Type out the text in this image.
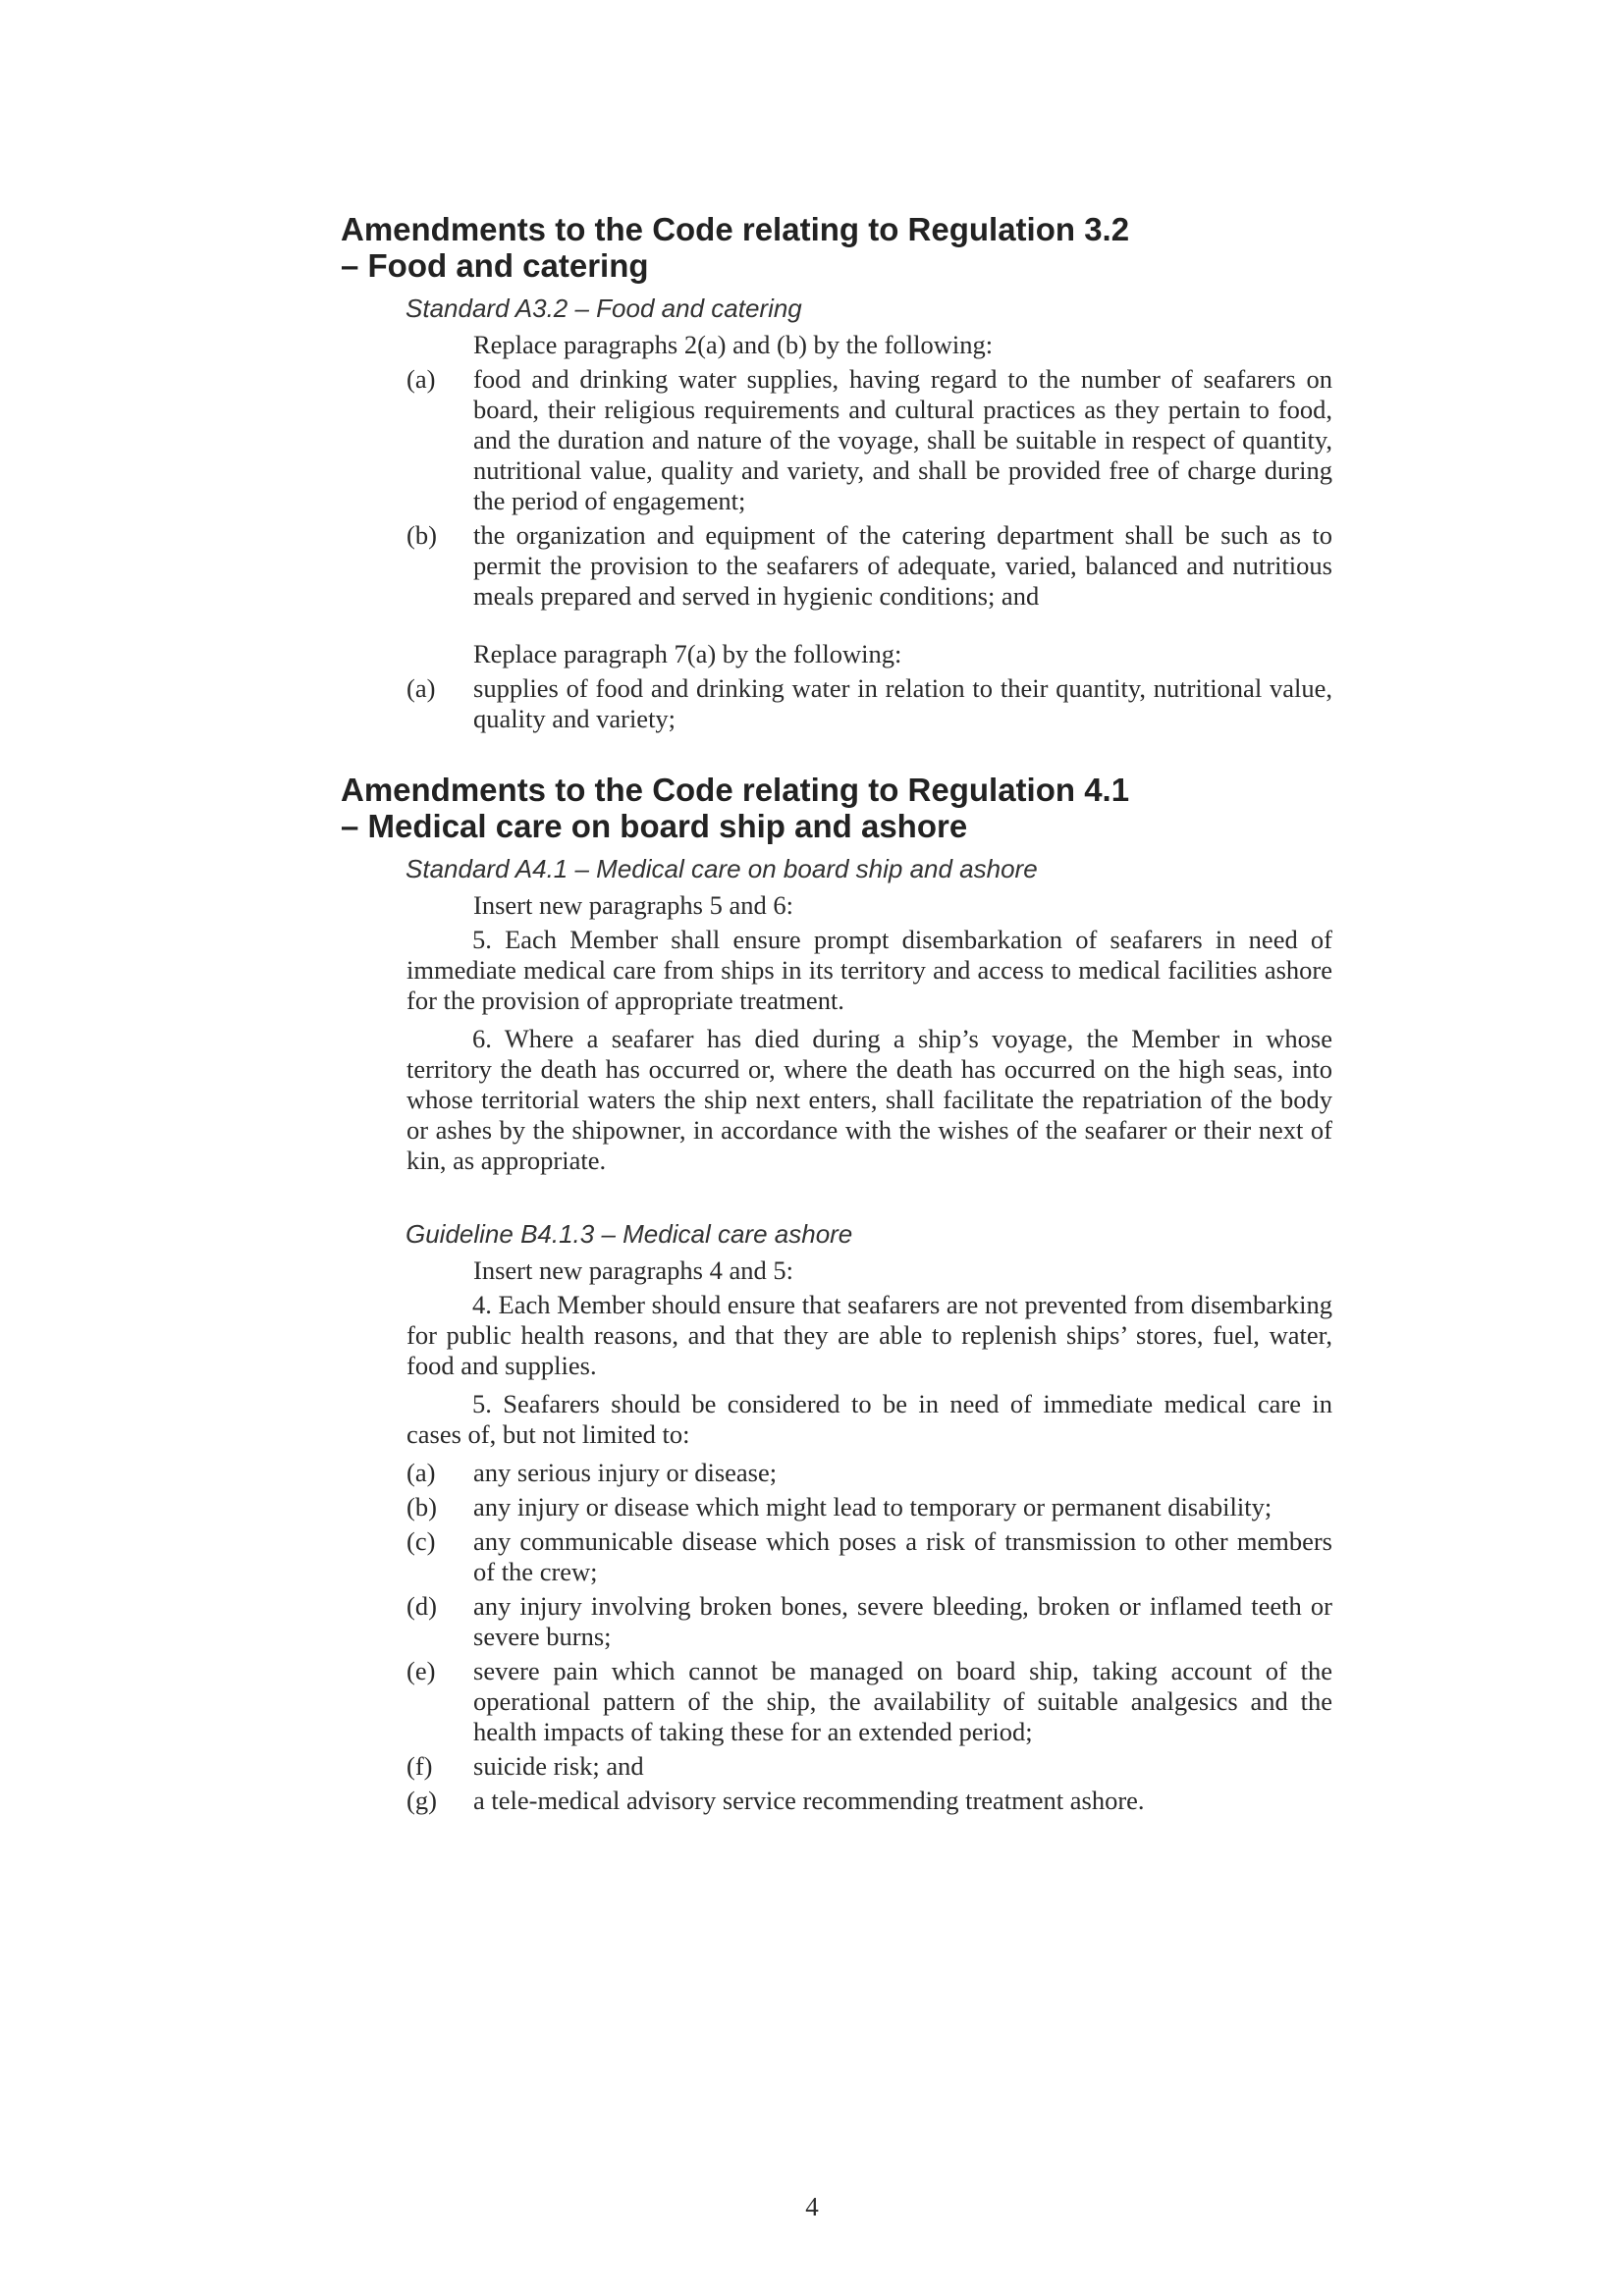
Amendments to the Code relating to Regulation 3.2
– Food and catering
Standard A3.2 – Food and catering

Replace paragraphs 2(a) and (b) by the following:

(a)	food and drinking water supplies, having regard to the number of seafarers on board, their religious requirements and cultural practices as they pertain to food, and the duration and nature of the voyage, shall be suitable in respect of quantity, nutritional value, quality and variety, and shall be provided free of charge during the period of engagement;
(b)	the organization and equipment of the catering department shall be such as to permit the provision to the seafarers of adequate, varied, balanced and nutritious meals prepared and served in hygienic conditions; and

Replace paragraph 7(a) by the following:

(a)	supplies of food and drinking water in relation to their quantity, nutritional value, quality and variety;
Amendments to the Code relating to Regulation 4.1
– Medical care on board ship and ashore
Standard A4.1 – Medical care on board ship and ashore

Insert new paragraphs 5 and 6:

5. Each Member shall ensure prompt disembarkation of seafarers in need of immediate medical care from ships in its territory and access to medical facilities ashore for the provision of appropriate treatment.

6. Where a seafarer has died during a ship’s voyage, the Member in whose territory the death has occurred or, where the death has occurred on the high seas, into whose territorial waters the ship next enters, shall facilitate the repatriation of the body or ashes by the shipowner, in accordance with the wishes of the seafarer or their next of kin, as appropriate.

Guideline B4.1.3 – Medical care ashore

Insert new paragraphs 4 and 5:

4. Each Member should ensure that seafarers are not prevented from disembarking for public health reasons, and that they are able to replenish ships’ stores, fuel, water, food and supplies.

5. Seafarers should be considered to be in need of immediate medical care in cases of, but not limited to:

(a)	any serious injury or disease;
(b)	any injury or disease which might lead to temporary or permanent disability;
(c)	any communicable disease which poses a risk of transmission to other members of the crew;
(d)	any injury involving broken bones, severe bleeding, broken or inflamed teeth or severe burns;
(e)	severe pain which cannot be managed on board ship, taking account of the operational pattern of the ship, the availability of suitable analgesics and the health impacts of taking these for an extended period;
(f)	suicide risk; and
(g)	a tele-medical advisory service recommending treatment ashore.
4
